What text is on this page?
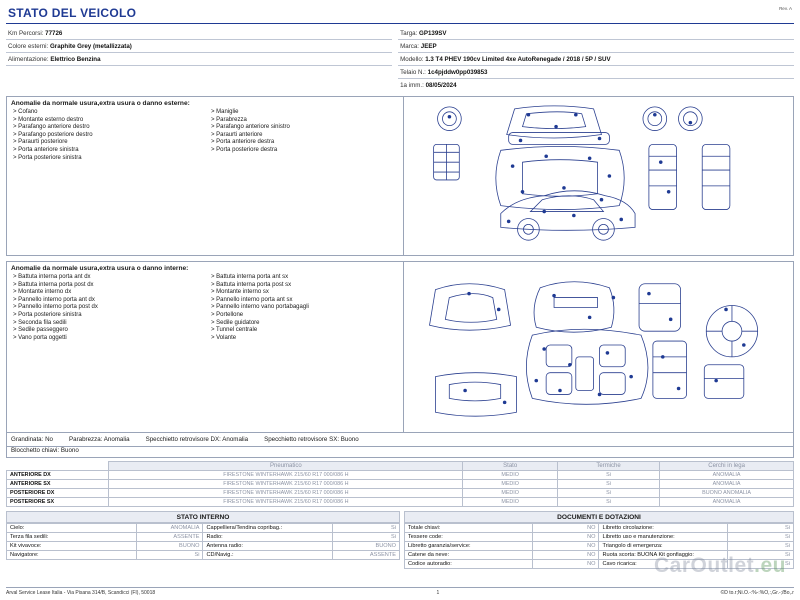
Rev. A
STATO DEL VEICOLO
Km Percorsi: 77726
Colore esterni: Graphite Grey (metallizzata)
Alimentazione: Elettrico Benzina
Targa: GP139SV
Marca: JEEP
Modello: 1.3 T4 PHEV 190cv Limited 4xe AutoRenegade / 2018 / 5P / SUV
Telaio N.: 1c4pjddw0pp039853
1a imm.: 08/05/2024
Anomalie da normale usura,extra usura o danno esterne:
> Cofano
> Montante esterno destro
> Parafango anteriore destro
> Parafango posteriore destro
> Paraurti posteriore
> Porta anteriore sinistra
> Porta posteriore sinistra
> Maniglie
> Parabrezza
> Parafango anteriore sinistro
> Paraurti anteriore
> Porta anteriore destra
> Porta posteriore destra
Anomalie da normale usura,extra usura o danno interne:
> Battuta interna porta ant dx
> Battuta interna porta post dx
> Montante interno dx
> Pannello interno porta ant dx
> Pannello interno porta post dx
> Porta posteriore sinistra
> Seconda fila sedili
> Sedile passeggero
> Vano porta oggetti
> Battuta interna porta ant sx
> Battuta interna porta post sx
> Montante interno sx
> Pannello interno porta ant sx
> Pannello interno vano portabagagli
> Portellone
> Sedile guidatore
> Tunnel centrale
> Volante
Grandinata: No	Parabrezza: Anomalia	Specchietto retrovisore DX: Anomalia	Specchietto retrovisore SX: Buono
Blocchetto chiavi: Buono
	Pneumatico	Stato	Termiche	Cerchi in lega
ANTERIORE DX	FIRESTONE WINTERHAWK 215/60 R17 000/086 H	MEDIO	Si	ANOMALIA
ANTERIORE SX	FIRESTONE WINTERHAWK 215/60 R17 000/086 H	MEDIO	Si	ANOMALIA
POSTERIORE DX	FIRESTONE WINTERHAWK 215/60 R17 000/086 H	MEDIO	Si	BUONO ANOMALIA
POSTERIORE SX	FIRESTONE WINTERHAWK 215/60 R17 000/086 H	MEDIO	Si	ANOMALIA
STATO INTERNO
Cielo:	ANOMALIA	Cappelliera/Tendina copribag.:	Si
Terza fila sedili:	ASSENTE	Radio:	Si
Kit vivavoce:	BUONO	Antenna radio:	BUONO
Navigatore:	Si	CD/Navig.:	ASSENTE
DOCUMENTI E DOTAZIONI
Totale chiavi:	NO	Libretto circolazione:	Si
Tessere code:	NO	Libretto uso e manutenzione:	Si
Libretto garanzia/service:	NO	Triangolo di emergenza:	Si
Catene da neve:	NO	Ruota scorta: BUONA Kit gonfiaggio:	Si
Codice autoradio:	NO	Cavo ricarica:	Si
CarOutlet.eu
Arval Service Lease Italia - Via Pisana 314/B, Scandicci (FI), 50018	1	©D to.r;Ni.O.-:%-:%O,:,Gr.-;/Bo,.r
